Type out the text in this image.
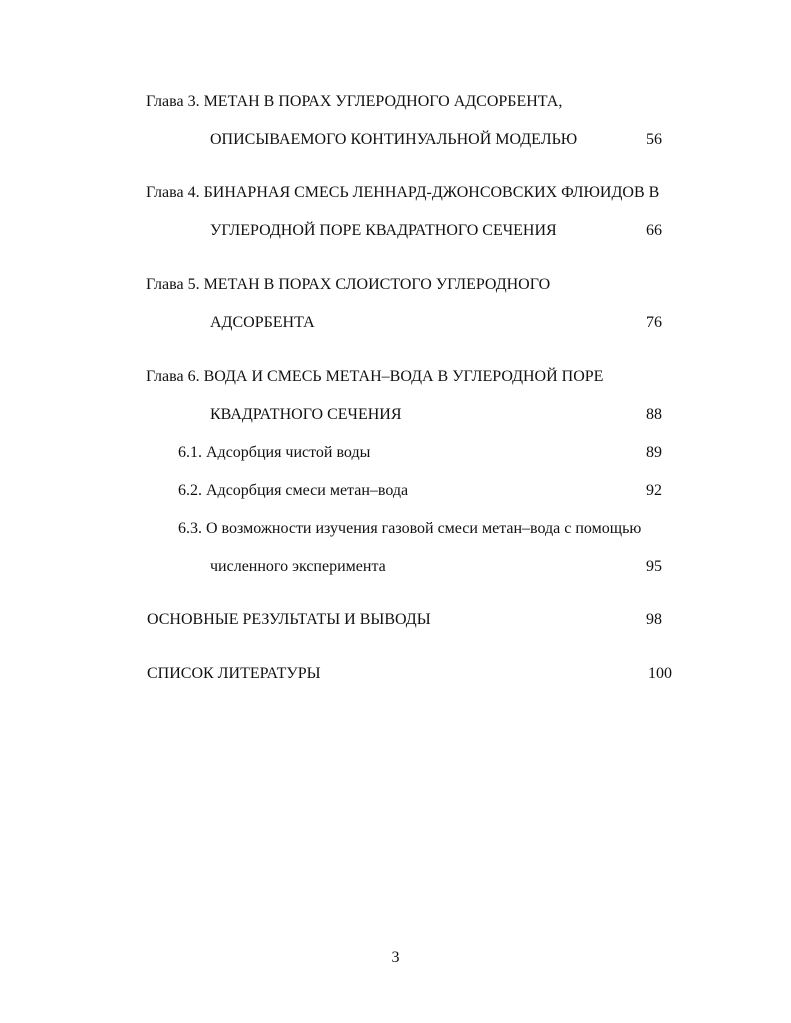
Глава 3. МЕТАН В ПОРАХ УГЛЕРОДНОГО АДСОРБЕНТА,
ОПИСЫВАЕМОГО КОНТИНУАЛЬНОЙ МОДЕЛЬЮ	56
Глава 4. БИНАРНАЯ СМЕСЬ ЛЕННАРД-ДЖОНСОВСКИХ ФЛЮИДОВ В
УГЛЕРОДНОЙ ПОРЕ КВАДРАТНОГО СЕЧЕНИЯ	66
Глава 5. МЕТАН В ПОРАХ СЛОИСТОГО УГЛЕРОДНОГО
АДСОРБЕНТА	76
Глава 6. ВОДА И СМЕСЬ МЕТАН–ВОДА В УГЛЕРОДНОЙ ПОРЕ
КВАДРАТНОГО СЕЧЕНИЯ	88
6.1. Адсорбция чистой воды	89
6.2. Адсорбция смеси метан–вода	92
6.3. О возможности изучения газовой смеси метан–вода с помощью
численного эксперимента	95
ОСНОВНЫЕ РЕЗУЛЬТАТЫ И ВЫВОДЫ	98
СПИСОК ЛИТЕРАТУРЫ	100
3
